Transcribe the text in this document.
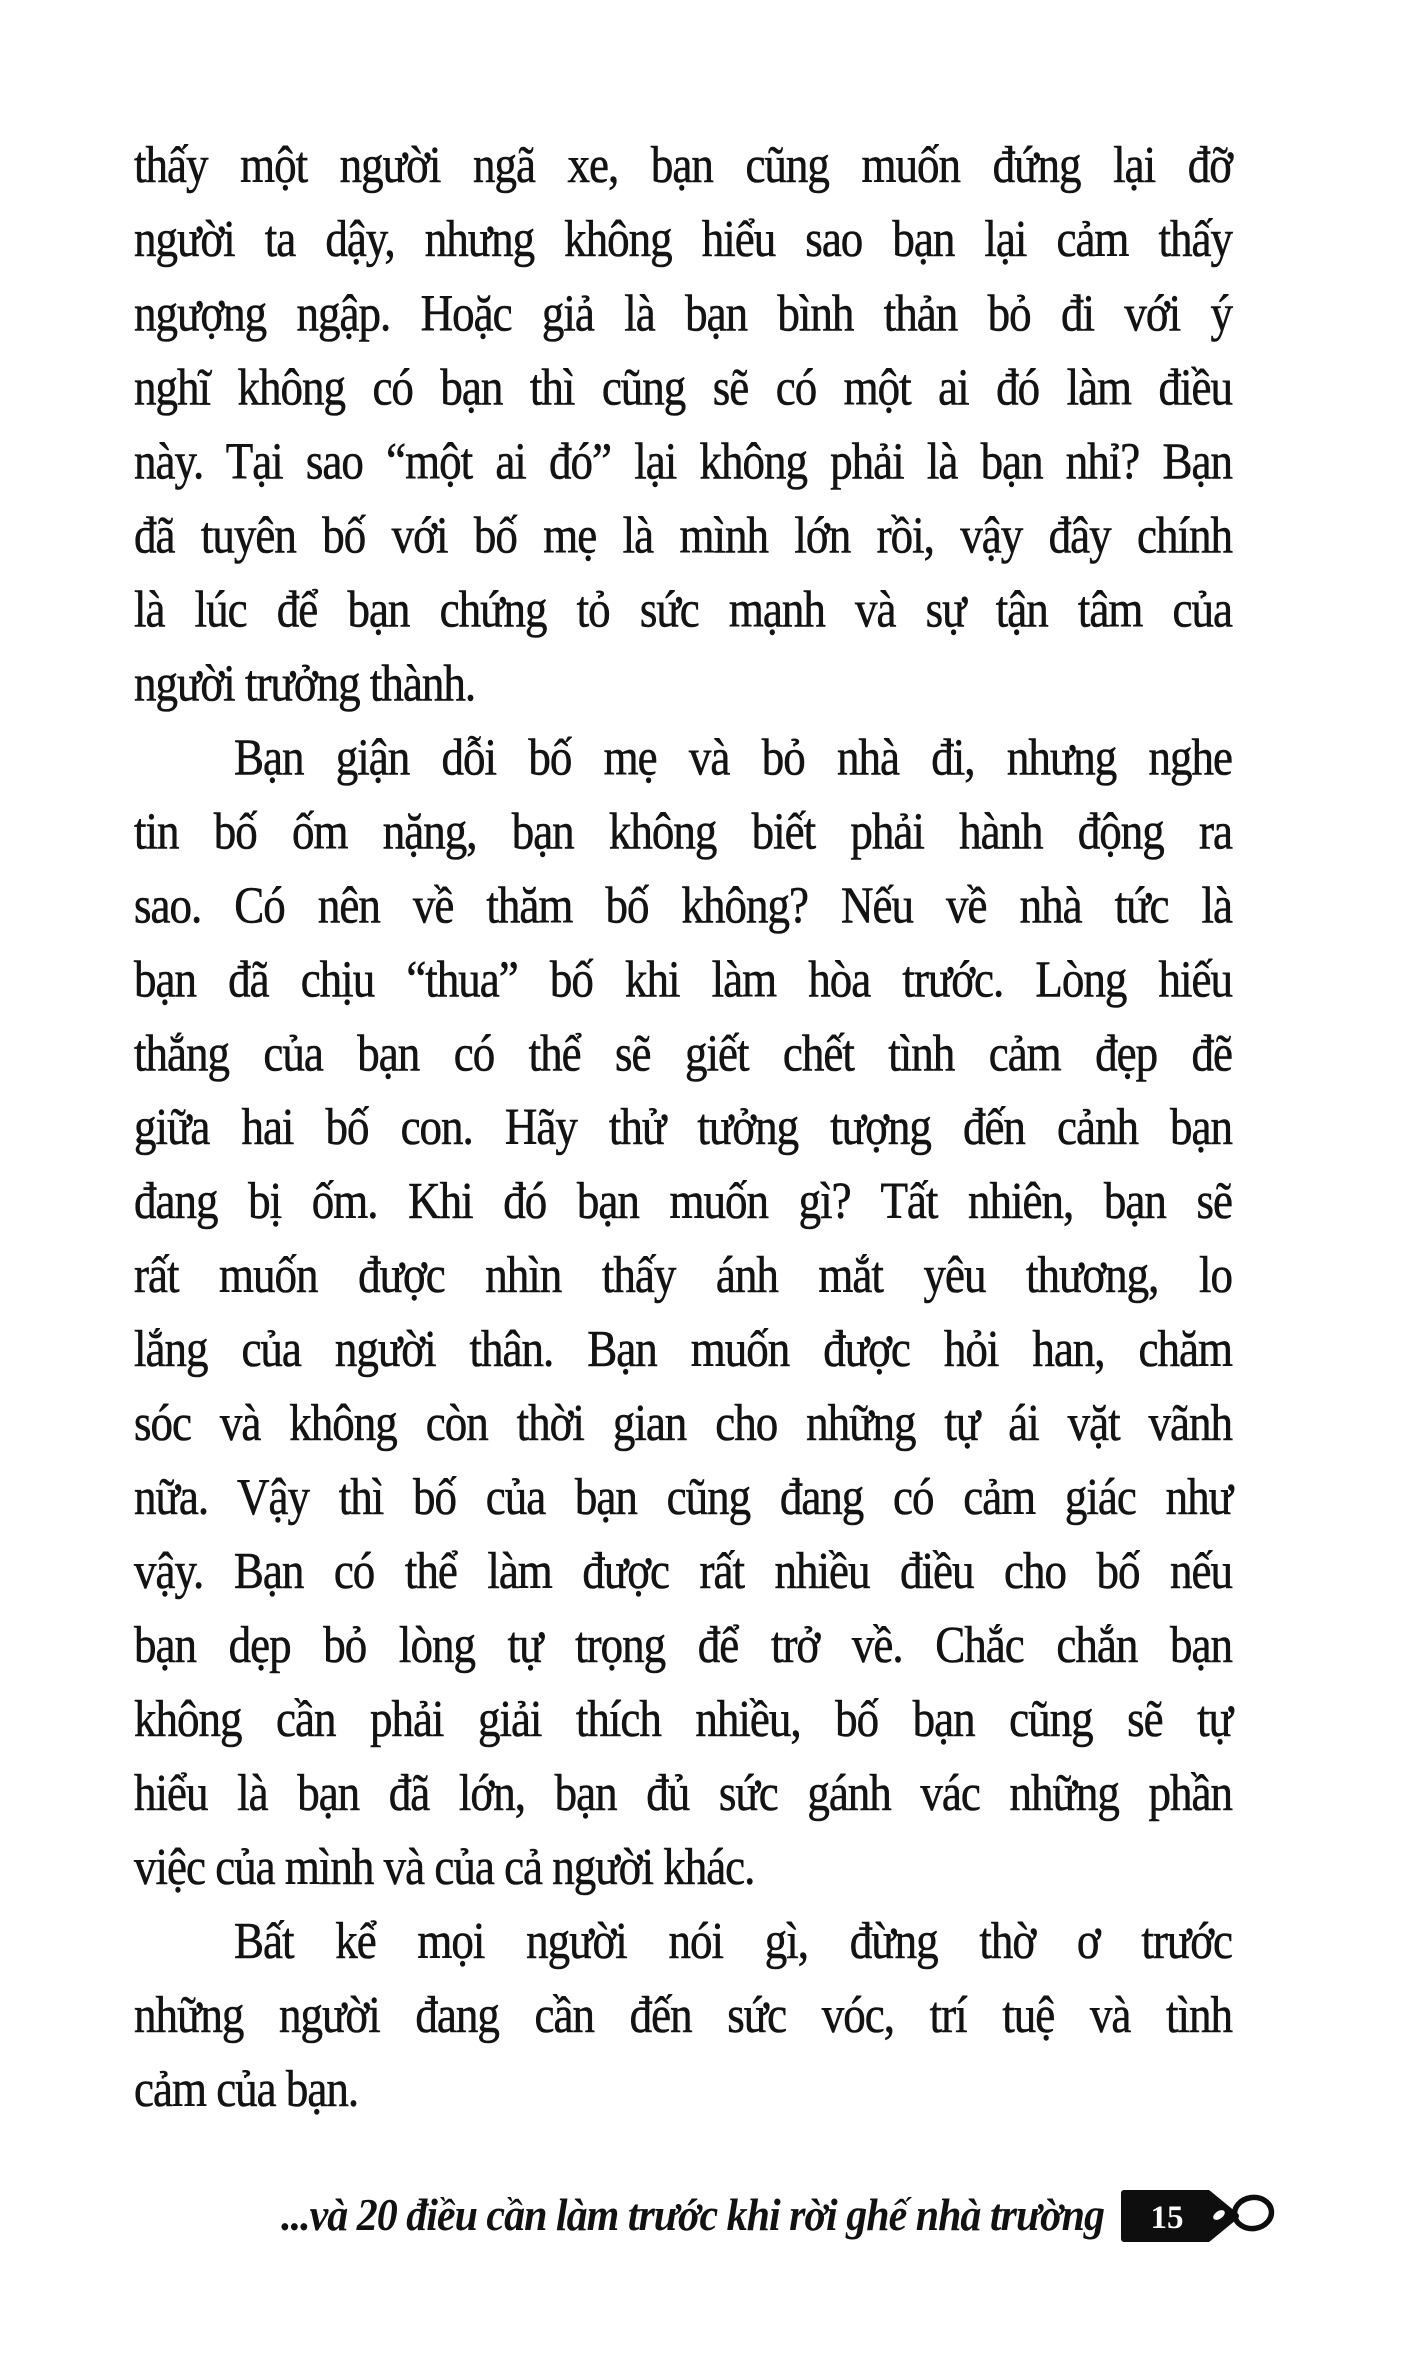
thấy một người ngã xe, bạn cũng muốn đứng lại đỡ
người ta dậy, nhưng không hiểu sao bạn lại cảm thấy
ngượng ngập. Hoặc giả là bạn bình thản bỏ đi với ý
nghĩ không có bạn thì cũng sẽ có một ai đó làm điều
này. Tại sao “một ai đó” lại không phải là bạn nhỉ? Bạn
đã tuyên bố với bố mẹ là mình lớn rồi, vậy đây chính
là lúc để bạn chứng tỏ sức mạnh và sự tận tâm của
người trưởng thành.
Bạn giận dỗi bố mẹ và bỏ nhà đi, nhưng nghe
tin bố ốm nặng, bạn không biết phải hành động ra
sao. Có nên về thăm bố không? Nếu về nhà tức là
bạn đã chịu “thua” bố khi làm hòa trước. Lòng hiếu
thắng của bạn có thể sẽ giết chết tình cảm đẹp đẽ
giữa hai bố con. Hãy thử tưởng tượng đến cảnh bạn
đang bị ốm. Khi đó bạn muốn gì? Tất nhiên, bạn sẽ
rất muốn được nhìn thấy ánh mắt yêu thương, lo
lắng của người thân. Bạn muốn được hỏi han, chăm
sóc và không còn thời gian cho những tự ái vặt vãnh
nữa. Vậy thì bố của bạn cũng đang có cảm giác như
vậy. Bạn có thể làm được rất nhiều điều cho bố nếu
bạn dẹp bỏ lòng tự trọng để trở về. Chắc chắn bạn
không cần phải giải thích nhiều, bố bạn cũng sẽ tự
hiểu là bạn đã lớn, bạn đủ sức gánh vác những phần
việc của mình và của cả người khác.
Bất kể mọi người nói gì, đừng thờ ơ trước
những người đang cần đến sức vóc, trí tuệ và tình
cảm của bạn.
...và 20 điều cần làm trước khi rời ghế nhà trường 15
